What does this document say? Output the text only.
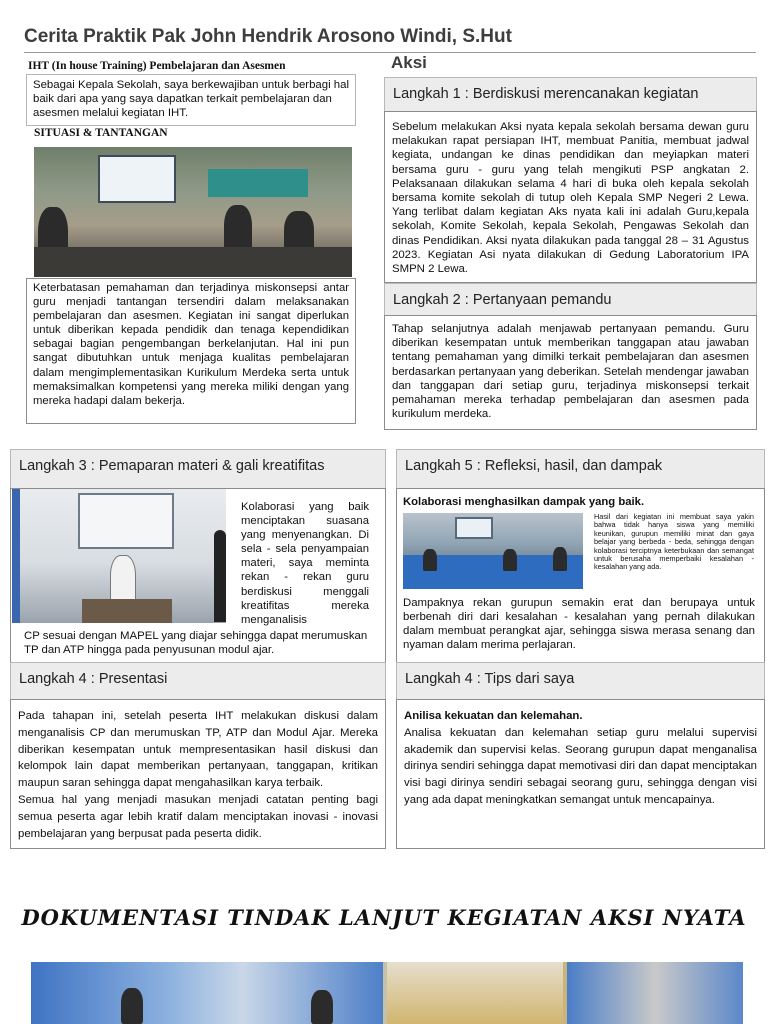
Cerita Praktik Pak John Hendrik Arosono Windi, S.Hut
IHT (In house Training) Pembelajaran dan Asesmen
Sebagai Kepala Sekolah, saya berkewajiban untuk berbagi hal baik dari apa yang saya dapatkan terkait pembelajaran dan asesmen melalui kegiatan IHT.
SITUASI & TANTANGAN
Keterbatasan pemahaman dan terjadinya miskonsepsi antar guru menjadi tantangan tersendiri dalam melaksanakan pembelajaran dan asesmen. Kegiatan ini sangat diperlukan untuk diberikan kepada pendidik dan tenaga kependidikan sebagai bagian pengembangan berkelanjutan. Hal ini pun sangat dibutuhkan untuk menjaga kualitas pembelajaran dalam mengimplementasikan Kurikulum Merdeka serta untuk memaksimalkan kompetensi yang mereka miliki dengan yang mereka hadapi dalam bekerja.
Aksi
Langkah 1 : Berdiskusi merencanakan kegiatan
Sebelum melakukan Aksi nyata kepala sekolah bersama dewan guru melakukan rapat persiapan IHT, membuat Panitia, membuat jadwal kegiata, undangan ke dinas pendidikan dan meyiapkan materi bersama guru - guru yang telah mengikuti PSP angkatan 2. Pelaksanaan dilakukan selama 4 hari di buka oleh kepala sekolah bersama komite sekolah di tutup oleh Kepala SMP Negeri 2 Lewa. Yang terlibat dalam kegiatan Aks nyata kali ini adalah Guru,kepala sekolah, Komite Sekolah, kepala Sekolah, Pengawas Sekolah dan dinas Pendidikan. Aksi nyata dilakukan pada tanggal 28 – 31 Agustus 2023. Kegiatan Asi nyata dilakukan di Gedung Laboratorium IPA SMPN 2 Lewa.
Langkah 2 : Pertanyaan pemandu
Tahap selanjutnya adalah menjawab pertanyaan pemandu. Guru diberikan kesempatan untuk memberikan tanggapan atau jawaban tentang pemahaman yang dimilki terkait pembelajaran dan asesmen berdasarkan pertanyaan yang deberikan. Setelah mendengar jawaban dan tanggapan dari setiap guru, terjadinya miskonsepsi terkait pemahaman mereka terhadap pembelajaran dan asesmen pada kurikulum merdeka.
Langkah 3 : Pemaparan materi & gali kreatifitas
Kolaborasi yang baik menciptakan suasana yang menyenangkan. Di sela - sela penyampaian materi, saya meminta rekan - rekan guru berdiskusi menggali kreatifitas mereka menganalisis
CP sesuai dengan MAPEL yang diajar sehingga dapat merumuskan TP dan ATP hingga pada penyusunan modul ajar.
Langkah 4 : Presentasi
Pada tahapan ini, setelah peserta IHT melakukan diskusi dalam menganalisis CP dan merumuskan TP, ATP dan Modul Ajar. Mereka diberikan kesempatan untuk mempresentasikan hasil diskusi dan kelompok lain dapat memberikan pertanyaan, tanggapan, kritikan maupun saran sehingga dapat mengahasilkan karya terbaik.
Semua hal yang menjadi masukan menjadi catatan penting bagi semua peserta agar lebih kratif dalam menciptakan inovasi - inovasi pembelajaran yang berpusat pada peserta didik.
Langkah 5 : Refleksi, hasil, dan dampak
Kolaborasi menghasilkan dampak yang baik.
Hasil dari kegiatan ini membuat saya yakin bahwa tidak hanya siswa yang memiliki keunikan, gurupun memiliki minat dan gaya belajar yang berbeda - beda, sehingga dengan kolaborasi terciptnya keterbukaan dan semangat untuk berusaha memperbaiki kesalahan - kesalahan yang ada.
Dampaknya rekan gurupun semakin erat dan berupaya untuk berbenah diri dari kesalahan - kesalahan yang pernah dilakukan dalam membuat perangkat ajar, sehingga siswa merasa senang dan nyaman dalam merima perlajaran.
Langkah 4 : Tips dari saya
Anilisa kekuatan dan kelemahan.
Analisa kekuatan dan kelemahan setiap guru melalui supervisi akademik dan supervisi kelas. Seorang gurupun dapat menganalisa dirinya sendiri sehingga dapat memotivasi diri dan dapat menciptakan visi bagi dirinya sendiri sebagai seorang guru, sehingga dengan visi yang ada dapat meningkatkan semangat untuk mencapainya.
DOKUMENTASI TINDAK LANJUT KEGIATAN AKSI NYATA
